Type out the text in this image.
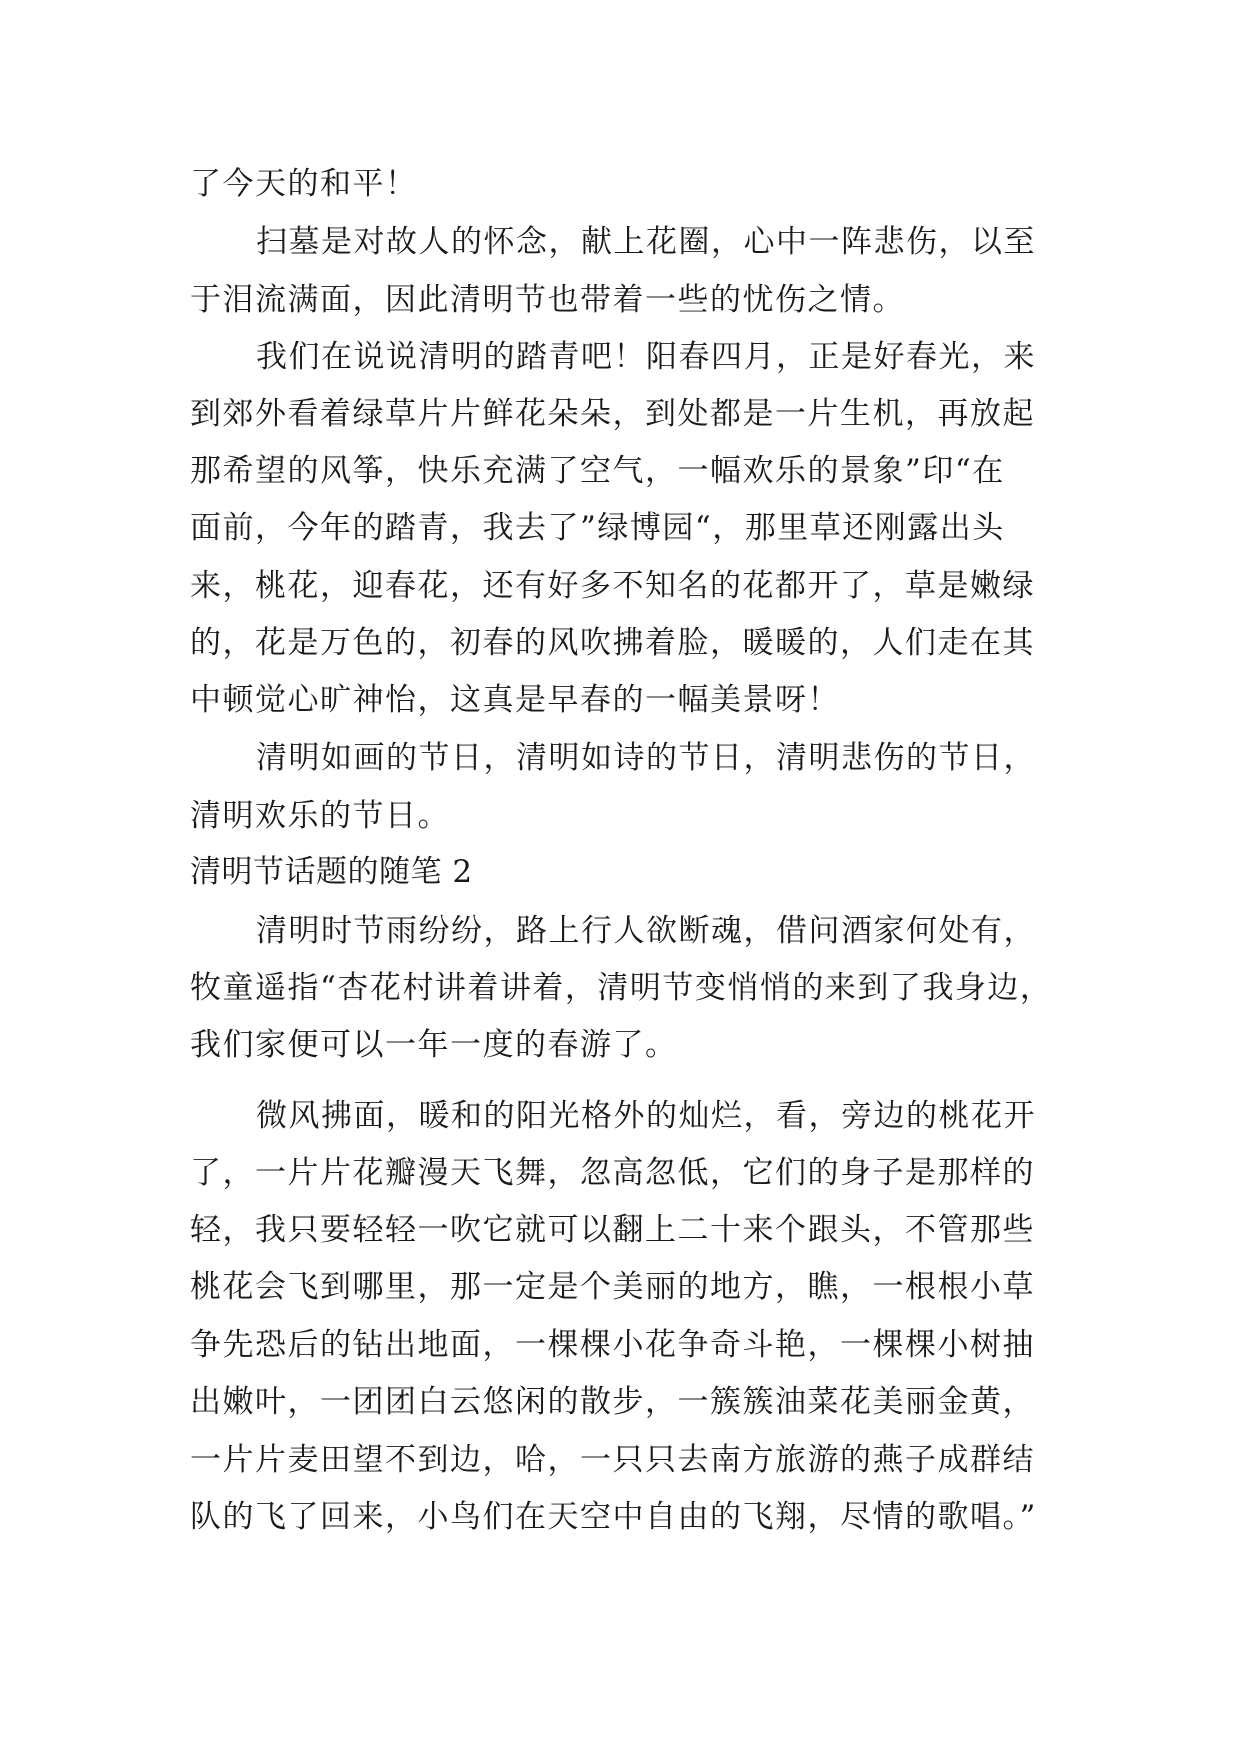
了今天的和平！
扫墓是对故人的怀念，献上花圈，心中一阵悲伤，以至
于泪流满面，因此清明节也带着一些的忧伤之情。
我们在说说清明的踏青吧！阳春四月，正是好春光，来
到郊外看着绿草片片鲜花朵朵，到处都是一片生机，再放起
那希望的风筝，快乐充满了空气，一幅欢乐的景象”印“在
面前，今年的踏青，我去了”绿博园“，那里草还刚露出头
来，桃花，迎春花，还有好多不知名的花都开了，草是嫩绿
的，花是万色的，初春的风吹拂着脸，暖暖的，人们走在其
中顿觉心旷神怡，这真是早春的一幅美景呀！
清明如画的节日，清明如诗的节日，清明悲伤的节日，
清明欢乐的节日。
清明节话题的随笔 2
清明时节雨纷纷，路上行人欲断魂，借问酒家何处有，
牧童遥指“杏花村讲着讲着，清明节变悄悄的来到了我身边，
我们家便可以一年一度的春游了。
微风拂面，暖和的阳光格外的灿烂，看，旁边的桃花开
了，一片片花瓣漫天飞舞，忽高忽低，它们的身子是那样的
轻，我只要轻轻一吹它就可以翻上二十来个跟头，不管那些
桃花会飞到哪里，那一定是个美丽的地方，瞧，一根根小草
争先恐后的钻出地面，一棵棵小花争奇斗艳，一棵棵小树抽
出嫩叶，一团团白云悠闲的散步，一簇簇油菜花美丽金黄，
一片片麦田望不到边，哈，一只只去南方旅游的燕子成群结
队的飞了回来，小鸟们在天空中自由的飞翔，尽情的歌唱。”
